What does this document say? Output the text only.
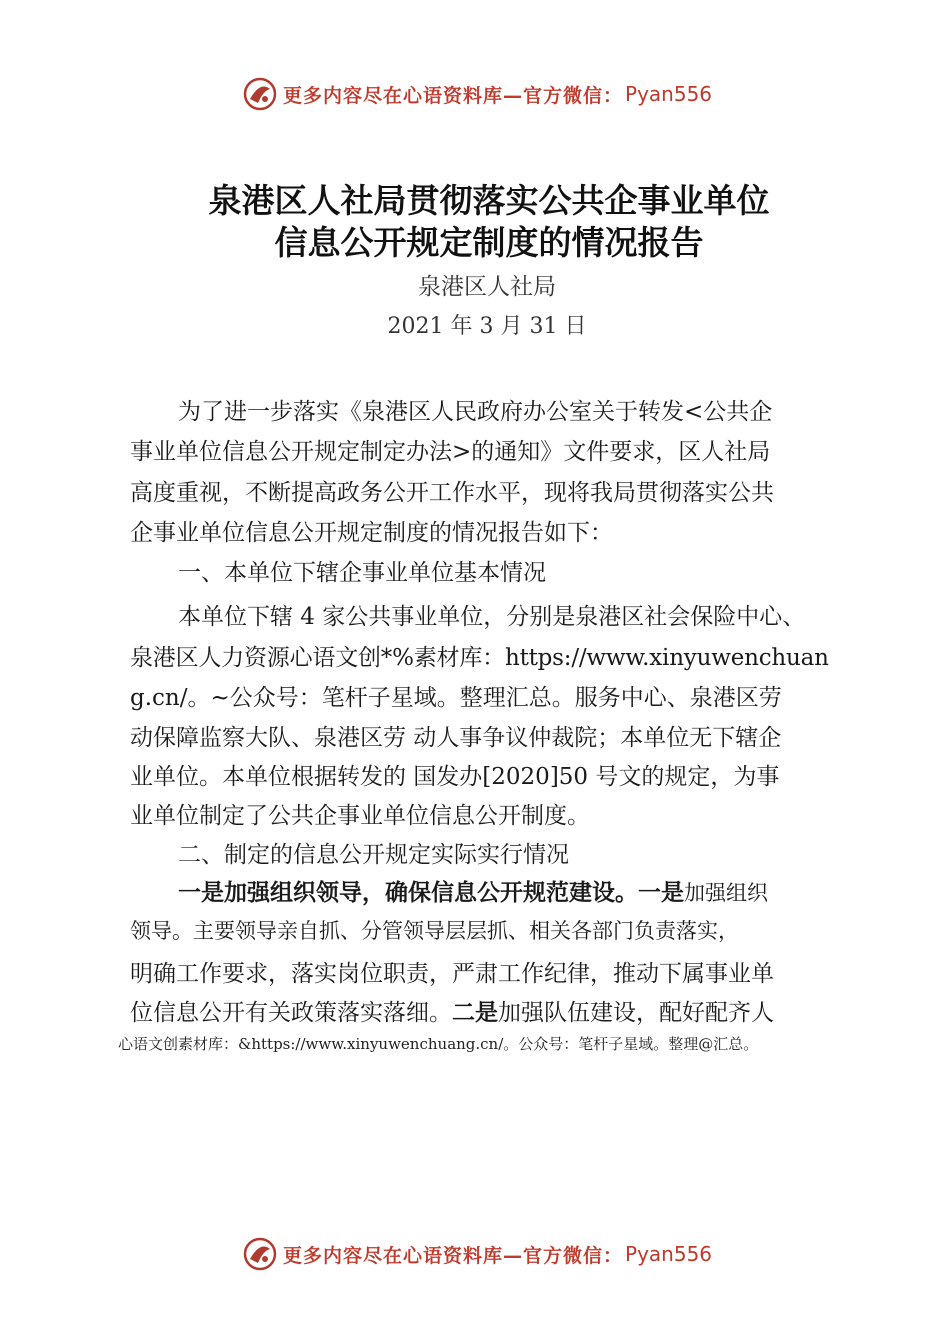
更多内容尽在心语资料库—官方微信： Pyan556
泉港区人社局贯彻落实公共企事业单位
信息公开规定制度的情况报告
泉港区人社局
2021 年 3 月 31 日
为了进一步落实《泉港区人民政府办公室关于转发<公共企
事业单位信息公开规定制定办法>的通知》文件要求，区人社局
高度重视，不断提高政务公开工作水平，现将我局贯彻落实公共
企事业单位信息公开规定制度的情况报告如下：
一、本单位下辖企事业单位基本情况
本单位下辖 4 家公共事业单位，分别是泉港区社会保险中心、
泉港区人力资源心语文创*%素材库：https://www.xinyuwenchuan
g.cn/。~公众号：笔杆子星域。整理汇总。服务中心、泉港区劳
动保障监察大队、泉港区劳 动人事争议仲裁院；本单位无下辖企
业单位。本单位根据转发的 国发办[2020]50 号文的规定，为事
业单位制定了公共企事业单位信息公开制度。
二、制定的信息公开规定实际实行情况
一是加强组织领导，确保信息公开规范建设。一是加强组织
领导。主要领导亲自抓、分管领导层层抓、相关各部门负责落实，
明确工作要求，落实岗位职责，严肃工作纪律，推动下属事业单
位信息公开有关政策落实落细。二是加强队伍建设，配好配齐人
心语文创素材库：&https://www.xinyuwenchuang.cn/。公众号：笔杆子星域。整理@汇总。
更多内容尽在心语资料库—官方微信： Pyan556
